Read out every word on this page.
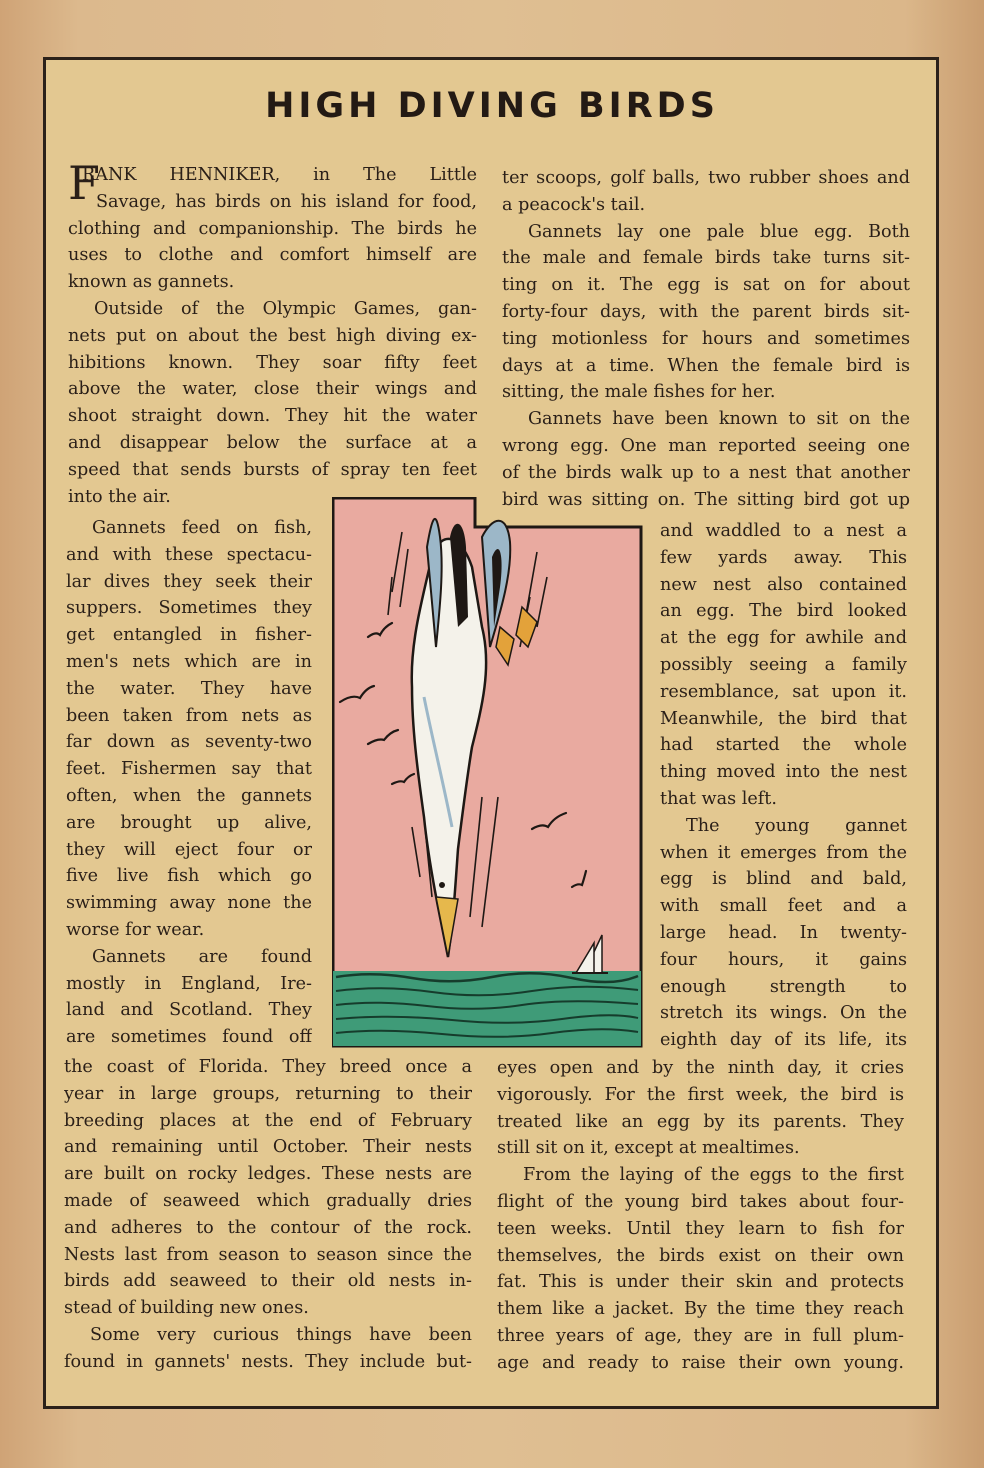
HIGH DIVING BIRDS
F
RANK HENNIKER, in The Little
Savage, has birds on his island for food,
clothing and companionship. The birds he
uses to clothe and comfort himself are
known as gannets.
Outside of the Olympic Games, gan-
nets put on about the best high diving ex-
hibitions known. They soar fifty feet
above the water, close their wings and
shoot straight down. They hit the water
and disappear below the surface at a
speed that sends bursts of spray ten feet
into the air.
Gannets feed on fish,
and with these spectacu-
lar dives they seek their
suppers. Sometimes they
get entangled in fisher-
men's nets which are in
the water. They have
been taken from nets as
far down as seventy-two
feet. Fishermen say that
often, when the gannets
are brought up alive,
they will eject four or
five live fish which go
swimming away none the
worse for wear.
Gannets are found
mostly in England, Ire-
land and Scotland. They
are sometimes found off
the coast of Florida. They breed once a
year in large groups, returning to their
breeding places at the end of February
and remaining until October. Their nests
are built on rocky ledges. These nests are
made of seaweed which gradually dries
and adheres to the contour of the rock.
Nests last from season to season since the
birds add seaweed to their old nests in-
stead of building new ones.
Some very curious things have been
found in gannets' nests. They include but-
ter scoops, golf balls, two rubber shoes and
a peacock's tail.
Gannets lay one pale blue egg. Both
the male and female birds take turns sit-
ting on it. The egg is sat on for about
forty-four days, with the parent birds sit-
ting motionless for hours and sometimes
days at a time. When the female bird is
sitting, the male fishes for her.
Gannets have been known to sit on the
wrong egg. One man reported seeing one
of the birds walk up to a nest that another
bird was sitting on. The sitting bird got up
and waddled to a nest a
few yards away. This
new nest also contained
an egg. The bird looked
at the egg for awhile and
possibly seeing a family
resemblance, sat upon it.
Meanwhile, the bird that
had started the whole
thing moved into the nest
that was left.
The young gannet
when it emerges from the
egg is blind and bald,
with small feet and a
large head. In twenty-
four hours, it gains
enough strength to
stretch its wings. On the
eighth day of its life, its
eyes open and by the ninth day, it cries
vigorously. For the first week, the bird is
treated like an egg by its parents. They
still sit on it, except at mealtimes.
From the laying of the eggs to the first
flight of the young bird takes about four-
teen weeks. Until they learn to fish for
themselves, the birds exist on their own
fat. This is under their skin and protects
them like a jacket. By the time they reach
three years of age, they are in full plum-
age and ready to raise their own young.
